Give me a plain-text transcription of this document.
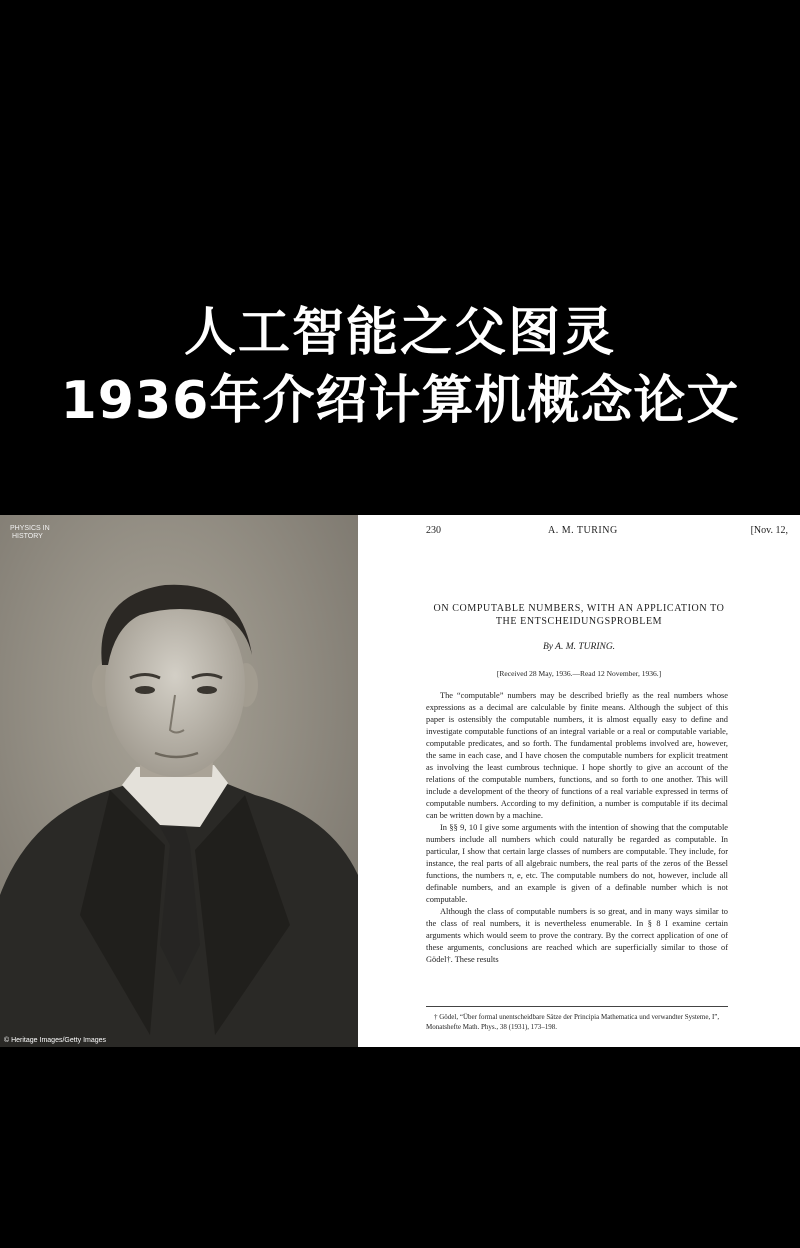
人工智能之父图灵
1936年介绍计算机概念论文
PHYSICS IN
HISTORY
© Heritage Images/Getty Images
230	A. M. TURING	[Nov. 12,
ON COMPUTABLE NUMBERS, WITH AN APPLICATION TO
THE ENTSCHEIDUNGSPROBLEM
By A. M. TURING.
[Received 28 May, 1936.—Read 12 November, 1936.]

The “computable” numbers may be described briefly as the real numbers whose expressions as a decimal are calculable by finite means. Although the subject of this paper is ostensibly the computable numbers, it is almost equally easy to define and investigate computable functions of an integral variable or a real or computable variable, computable predicates, and so forth. The fundamental problems involved are, however, the same in each case, and I have chosen the computable numbers for explicit treatment as involving the least cumbrous technique. I hope shortly to give an account of the relations of the computable numbers, functions, and so forth to one another. This will include a development of the theory of functions of a real variable expressed in terms of computable numbers. According to my definition, a number is computable if its decimal can be written down by a machine.

In §§ 9, 10 I give some arguments with the intention of showing that the computable numbers include all numbers which could naturally be regarded as computable. In particular, I show that certain large classes of numbers are computable. They include, for instance, the real parts of all algebraic numbers, the real parts of the zeros of the Bessel functions, the numbers π, e, etc. The computable numbers do not, however, include all definable numbers, and an example is given of a definable number which is not computable.

Although the class of computable numbers is so great, and in many ways similar to the class of real numbers, it is nevertheless enumerable. In § 8 I examine certain arguments which would seem to prove the contrary. By the correct application of one of these arguments, conclusions are reached which are superficially similar to those of Gödel†. These results

† Gödel, “Über formal unentscheidbare Sätze der Principia Mathematica und verwandter Systeme, I”, Monatshefte Math. Phys., 38 (1931), 173–198.
